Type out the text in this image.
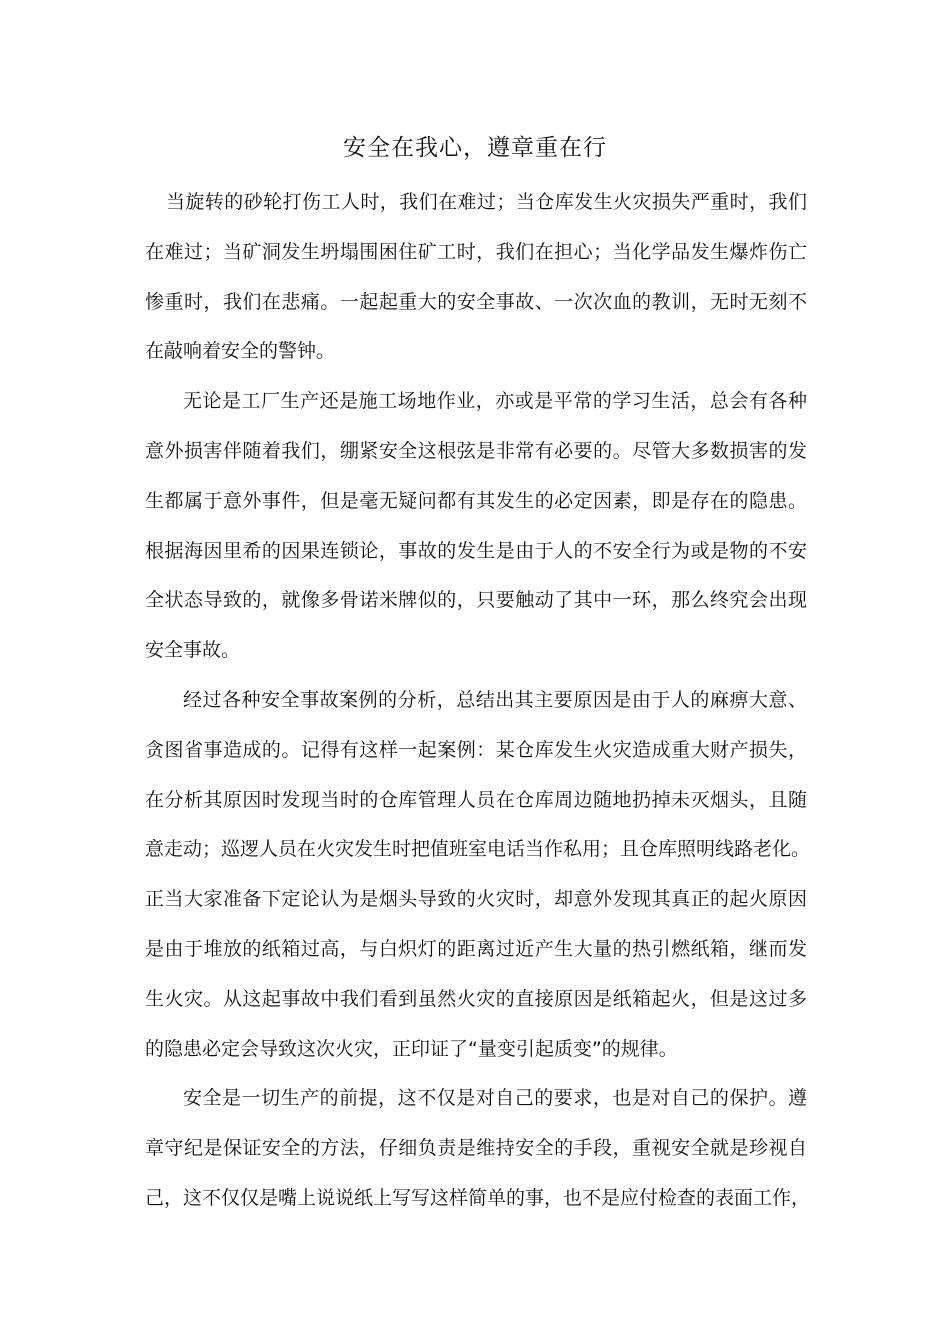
安全在我心，遵章重在行
当旋转的砂轮打伤工人时，我们在难过；当仓库发生火灾损失严重时，我们
在难过；当矿洞发生坍塌围困住矿工时，我们在担心；当化学品发生爆炸伤亡
惨重时，我们在悲痛。一起起重大的安全事故、一次次血的教训，无时无刻不
在敲响着安全的警钟。
无论是工厂生产还是施工场地作业，亦或是平常的学习生活，总会有各种
意外损害伴随着我们，绷紧安全这根弦是非常有必要的。尽管大多数损害的发
生都属于意外事件，但是毫无疑问都有其发生的必定因素，即是存在的隐患。
根据海因里希的因果连锁论，事故的发生是由于人的不安全行为或是物的不安
全状态导致的，就像多骨诺米牌似的，只要触动了其中一环，那么终究会出现
安全事故。
经过各种安全事故案例的分析，总结出其主要原因是由于人的麻痹大意、
贪图省事造成的。记得有这样一起案例：某仓库发生火灾造成重大财产损失，
在分析其原因时发现当时的仓库管理人员在仓库周边随地扔掉未灭烟头，且随
意走动；巡逻人员在火灾发生时把值班室电话当作私用；且仓库照明线路老化。
正当大家准备下定论认为是烟头导致的火灾时，却意外发现其真正的起火原因
是由于堆放的纸箱过高，与白炽灯的距离过近产生大量的热引燃纸箱，继而发
生火灾。从这起事故中我们看到虽然火灾的直接原因是纸箱起火，但是这过多
的隐患必定会导致这次火灾，正印证了“量变引起质变”的规律。
安全是一切生产的前提，这不仅是对自己的要求，也是对自己的保护。遵
章守纪是保证安全的方法，仔细负责是维持安全的手段，重视安全就是珍视自
己，这不仅仅是嘴上说说纸上写写这样简单的事，也不是应付检查的表面工作，
